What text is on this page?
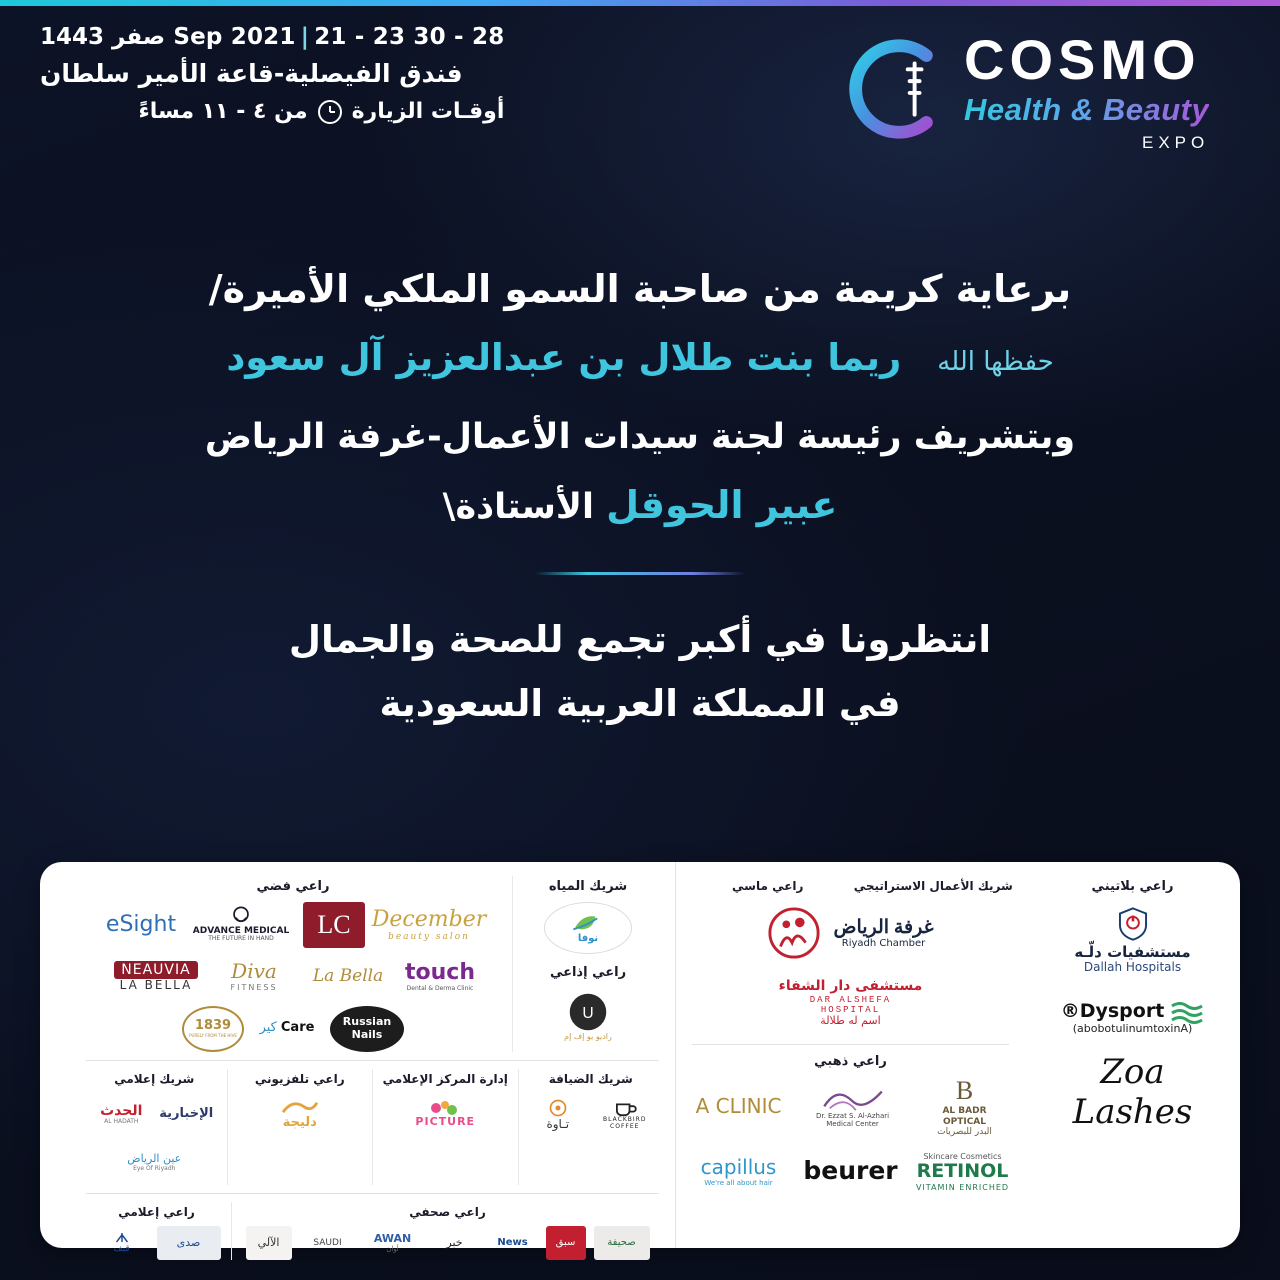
28 - 30 Sep 2021|21 - 23 صفر 1443
فندق الفيصلية-قاعة الأمير سلطان
أوقـات الزيارة
من ٤ - ١١ مساءً
COSMO
Health & Beauty
EXPO
برعاية كريمة من صاحبة السمو الملكي الأميرة/
حفظها الله
ريما بنت طلال بن عبدالعزيز آل سعود
وبتشريف رئيسة لجنة سيدات الأعمال-غرفة الرياض
عبير الحوقل الأستاذة\
انتظرونا في أكبر تجمع للصحة والجمال
في المملكة العربية السعودية
راعي بلاتيني
مستشفيات دلّـه
Dallah Hospitals
Dysport®
(abobotulinumtoxinA)
Zoa Lashes
شريك الأعمال الاستراتيجي
راعي ماسي
غرفة الرياض
Riyadh Chamber
مستشفى دار الشفاء
DAR ALSHEFA HOSPITAL
اسم له طلالة
راعي ذهبي
B
AL BADR OPTICAL
البدر للبصريات
Dr. Ezzat S. Al-Azhari
Medical Center
A CLINIC
Skincare Cosmetics
RETINOL
VITAMIN ENRICHED
beurer
capillus
We're all about hair
شريك المياه
نوفا
راعي إذاعي
U
راديو يو إف إم
راعي فضي
December
beauty salon
LC
ADVANCE MEDICAL
THE FUTURE IN HAND
eSight
touch
Dental & Derma Clinic
La Bella
Diva
FITNESS
NEAUVIA
LA BELLA
Russian Nails
Care
كير
1839
PURELY FROM THE HIVE
شريك الضيافة
BLACKBIRD COFFEE
تـاوة
إدارة المركز الإعلامي
PICTURE
راعي تلفزيوني
دليجة
شريك إعلامي
الإخبارية
الحدث
AL HADATH
عين الرياض
Eye Of Riyadh
راعي صحفي
صحيفة
سبق
News
خبر
AWAN
أوان
SAUDI
الآلي
راعي إعلامي
صدى
قيف
